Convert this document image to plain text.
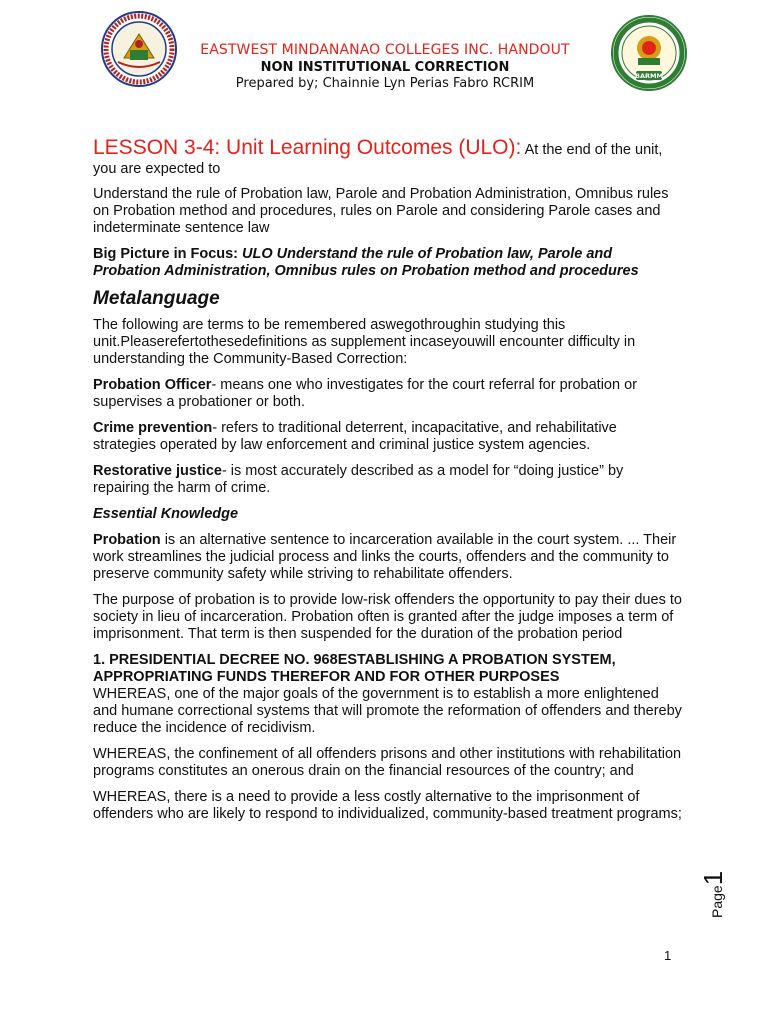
BARMM
EASTWEST MINDANANAO COLLEGES INC. HANDOUT
NON INSTITUTIONAL CORRECTION
Prepared by; Chainnie Lyn Perias Fabro RCRIM

LESSON 3-4: Unit Learning Outcomes (ULO): At the end of the unit, you are expected to

Understand the rule of Probation law, Parole and Probation Administration, Omnibus rules on Probation method and procedures, rules on Parole and considering Parole cases and indeterminate sentence law

Big Picture in Focus: ULO Understand the rule of Probation law, Parole and Probation Administration, Omnibus rules on Probation method and procedures

Metalanguage

The following are terms to be remembered aswegothroughin studying this unit.Pleaserefertothesedefinitions as supplement incaseyouwill encounter difficulty in understanding the Community-Based Correction:

Probation Officer- means one who investigates for the court referral for probation or supervises a probationer or both.

Crime prevention- refers to traditional deterrent, incapacitative, and rehabilitative strategies operated by law enforcement and criminal justice system agencies.

Restorative justice- is most accurately described as a model for “doing justice” by repairing the harm of crime.

Essential Knowledge

Probation is an alternative sentence to incarceration available in the court system. ... Their work streamlines the judicial process and links the courts, offenders and the community to preserve community safety while striving to rehabilitate offenders.

The purpose of probation is to provide low-risk offenders the opportunity to pay their dues to society in lieu of incarceration. Probation often is granted after the judge imposes a term of imprisonment. That term is then suspended for the duration of the probation period

1. PRESIDENTIAL DECREE NO. 968ESTABLISHING A PROBATION SYSTEM, APPROPRIATING FUNDS THEREFOR AND FOR OTHER PURPOSES

WHEREAS, one of the major goals of the government is to establish a more enlightened and humane correctional systems that will promote the reformation of offenders and thereby reduce the incidence of recidivism.

WHEREAS, the confinement of all offenders prisons and other institutions with rehabilitation programs constitutes an onerous drain on the financial resources of the country; and

WHEREAS, there is a need to provide a less costly alternative to the imprisonment of offenders who are likely to respond to individualized, community-based treatment programs;

Page1
1
